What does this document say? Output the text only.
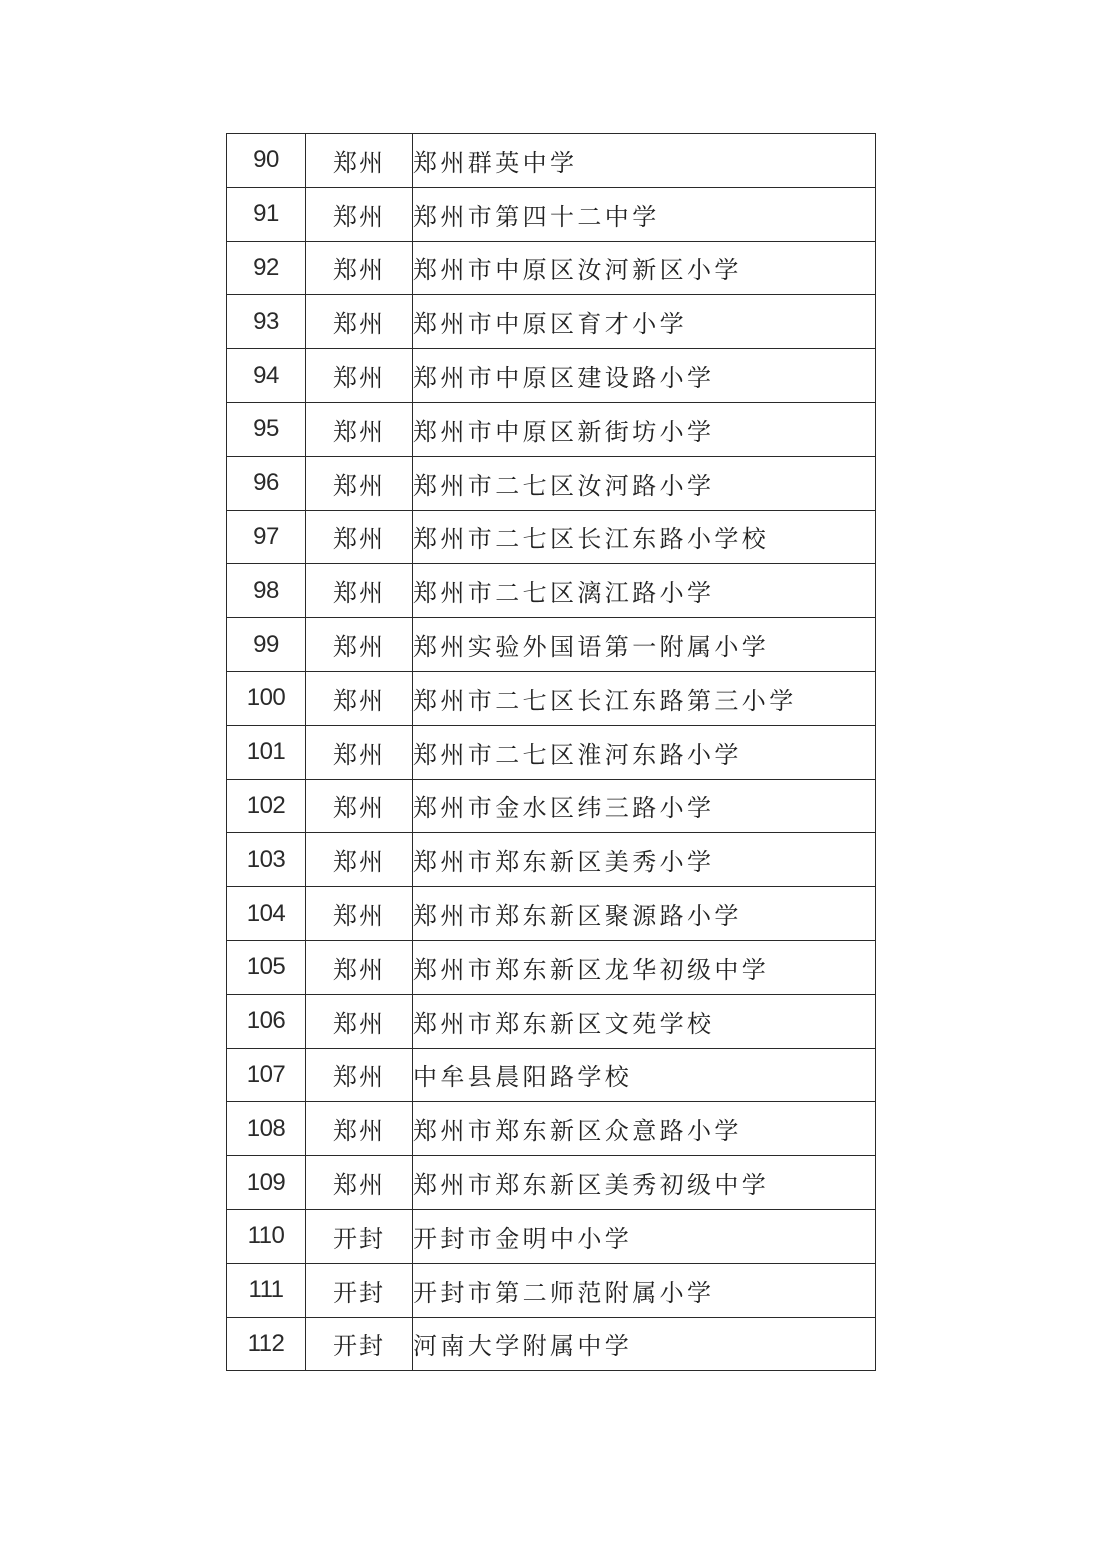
90	郑州	郑州群英中学
91	郑州	郑州市第四十二中学
92	郑州	郑州市中原区汝河新区小学
93	郑州	郑州市中原区育才小学
94	郑州	郑州市中原区建设路小学
95	郑州	郑州市中原区新街坊小学
96	郑州	郑州市二七区汝河路小学
97	郑州	郑州市二七区长江东路小学校
98	郑州	郑州市二七区漓江路小学
99	郑州	郑州实验外国语第一附属小学
100	郑州	郑州市二七区长江东路第三小学
101	郑州	郑州市二七区淮河东路小学
102	郑州	郑州市金水区纬三路小学
103	郑州	郑州市郑东新区美秀小学
104	郑州	郑州市郑东新区聚源路小学
105	郑州	郑州市郑东新区龙华初级中学
106	郑州	郑州市郑东新区文苑学校
107	郑州	中牟县晨阳路学校
108	郑州	郑州市郑东新区众意路小学
109	郑州	郑州市郑东新区美秀初级中学
110	开封	开封市金明中小学
111	开封	开封市第二师范附属小学
112	开封	河南大学附属中学
